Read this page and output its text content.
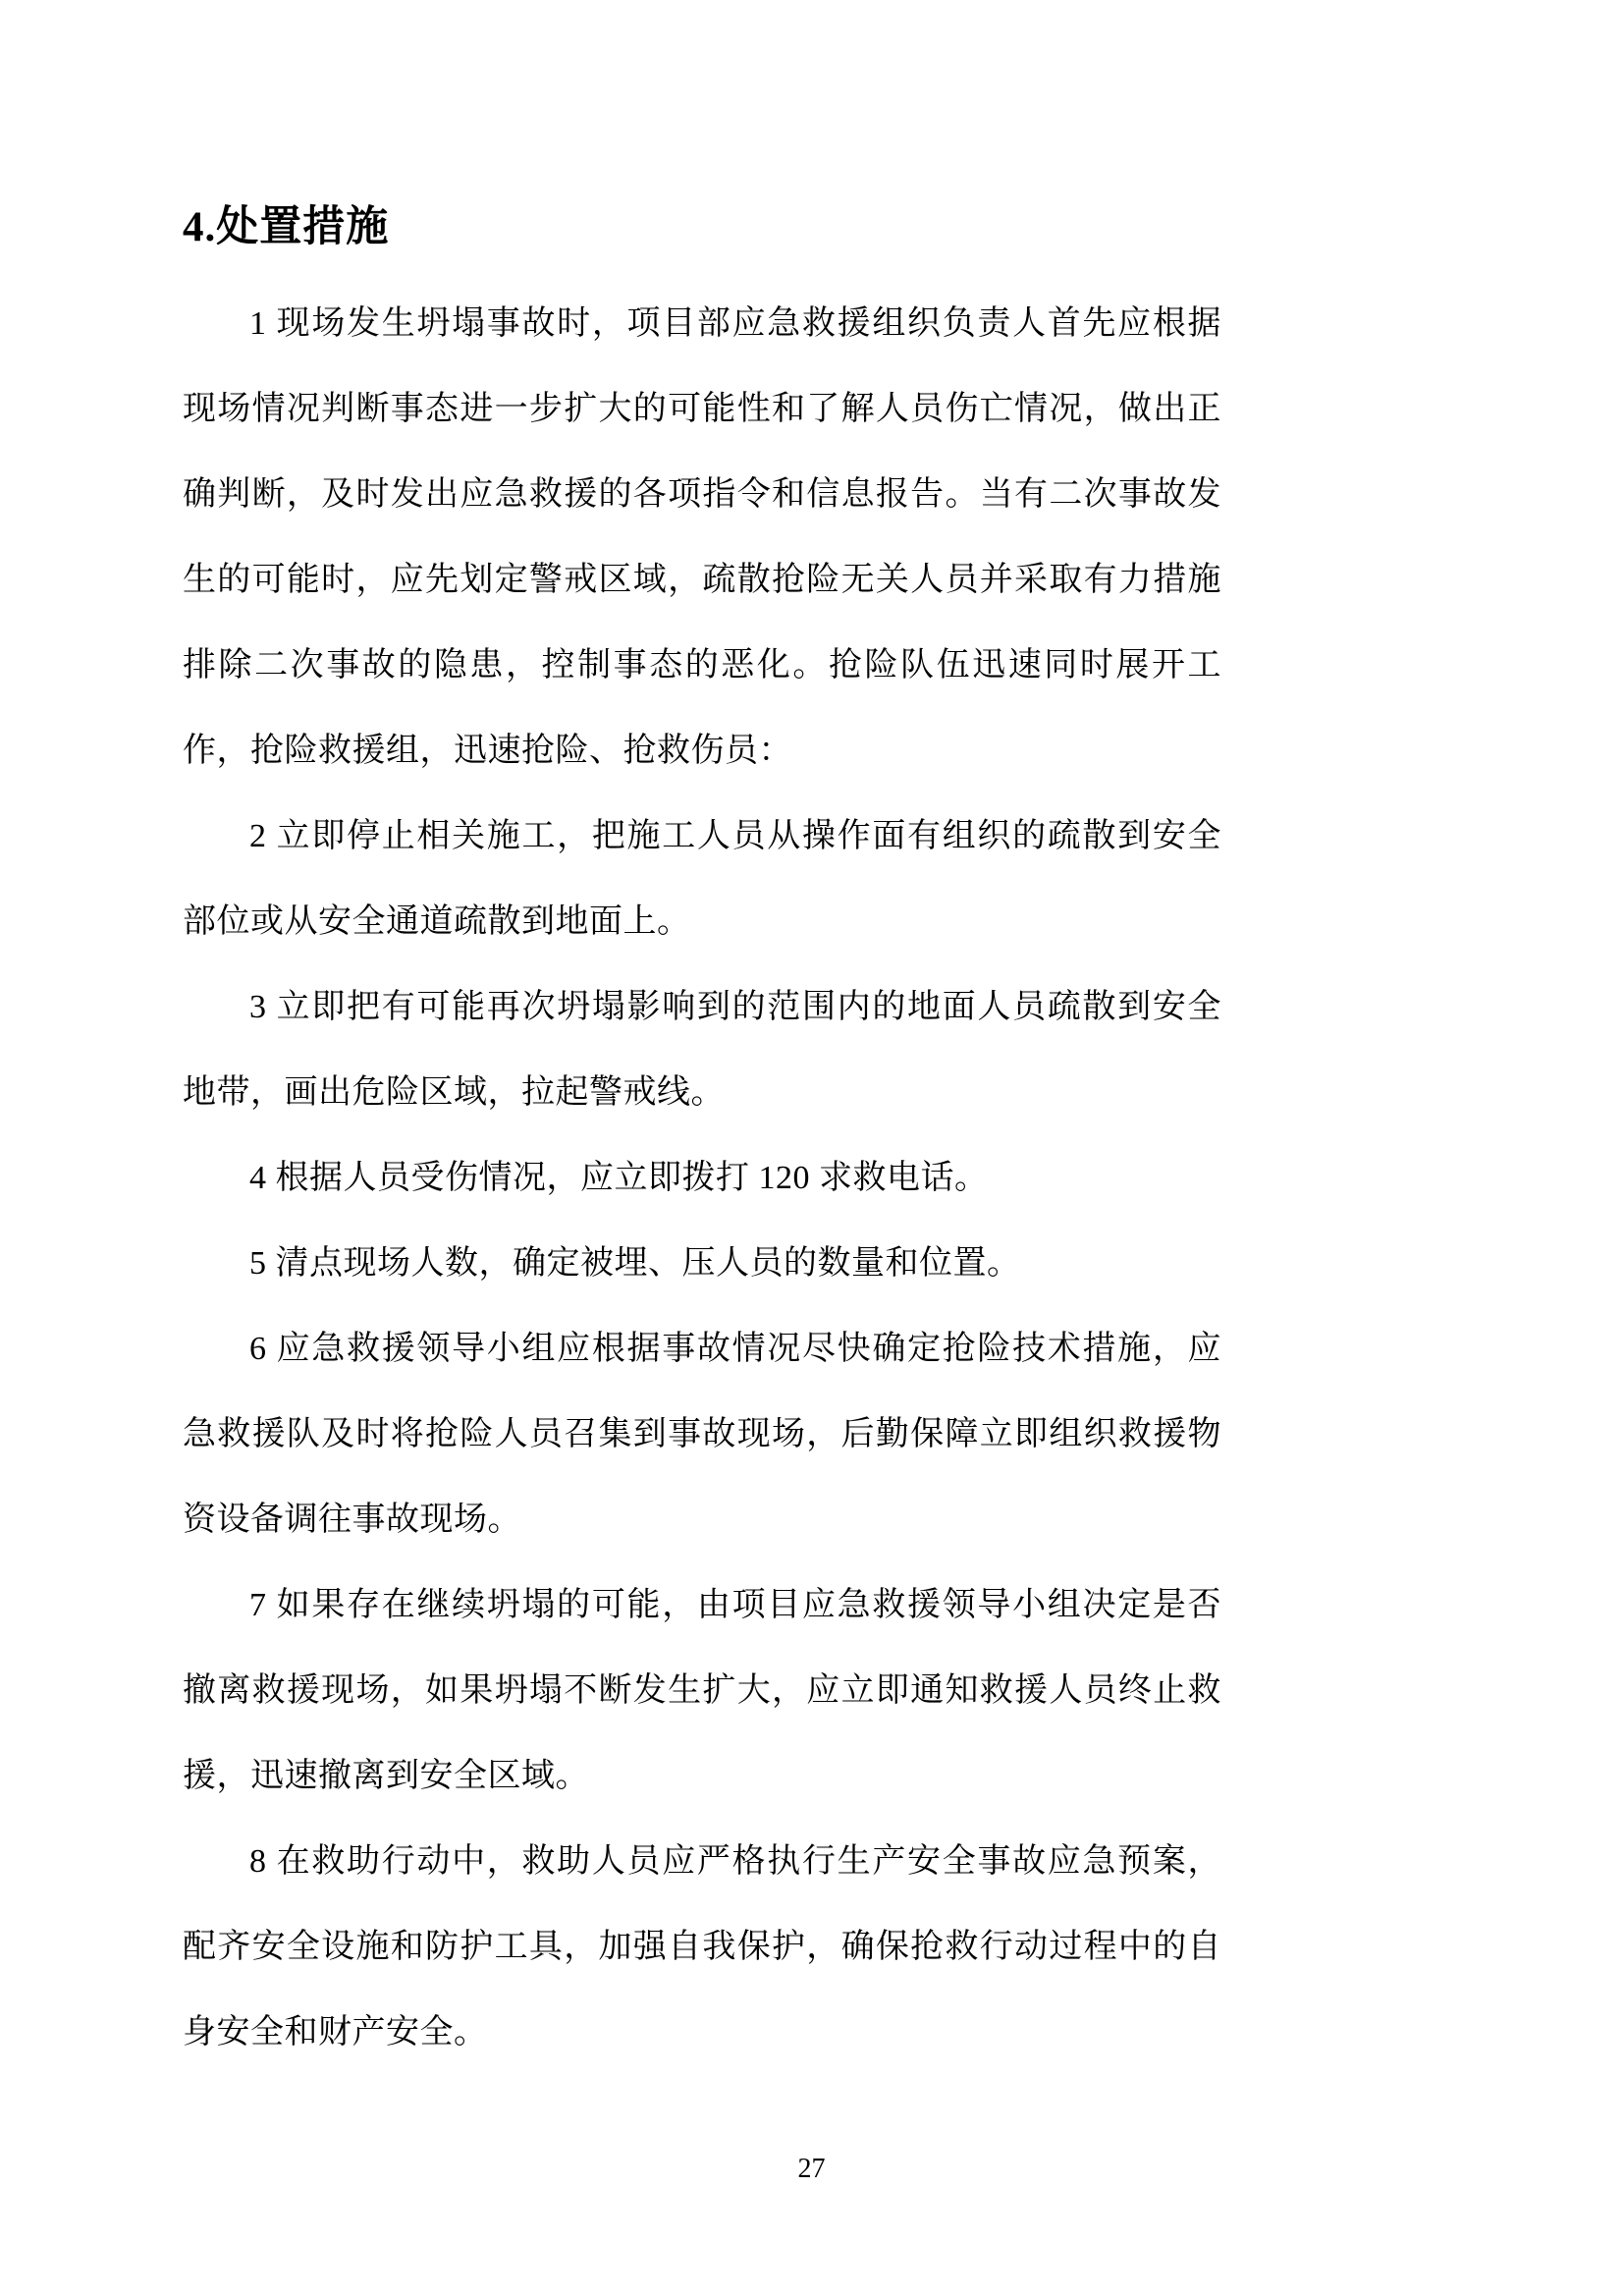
4.处置措施

1 现场发生坍塌事故时，项目部应急救援组织负责人首先应根据现场情况判断事态进一步扩大的可能性和了解人员伤亡情况，做出正确判断，及时发出应急救援的各项指令和信息报告。当有二次事故发生的可能时，应先划定警戒区域，疏散抢险无关人员并采取有力措施排除二次事故的隐患，控制事态的恶化。抢险队伍迅速同时展开工作，抢险救援组，迅速抢险、抢救伤员：

2 立即停止相关施工，把施工人员从操作面有组织的疏散到安全部位或从安全通道疏散到地面上。

3 立即把有可能再次坍塌影响到的范围内的地面人员疏散到安全地带，画出危险区域，拉起警戒线。

4 根据人员受伤情况，应立即拨打 120 求救电话。

5 清点现场人数，确定被埋、压人员的数量和位置。

6 应急救援领导小组应根据事故情况尽快确定抢险技术措施，应急救援队及时将抢险人员召集到事故现场，后勤保障立即组织救援物资设备调往事故现场。

7 如果存在继续坍塌的可能，由项目应急救援领导小组决定是否撤离救援现场，如果坍塌不断发生扩大，应立即通知救援人员终止救援，迅速撤离到安全区域。

8 在救助行动中，救助人员应严格执行生产安全事故应急预案，配齐安全设施和防护工具，加强自我保护，确保抢救行动过程中的自身安全和财产安全。

27
